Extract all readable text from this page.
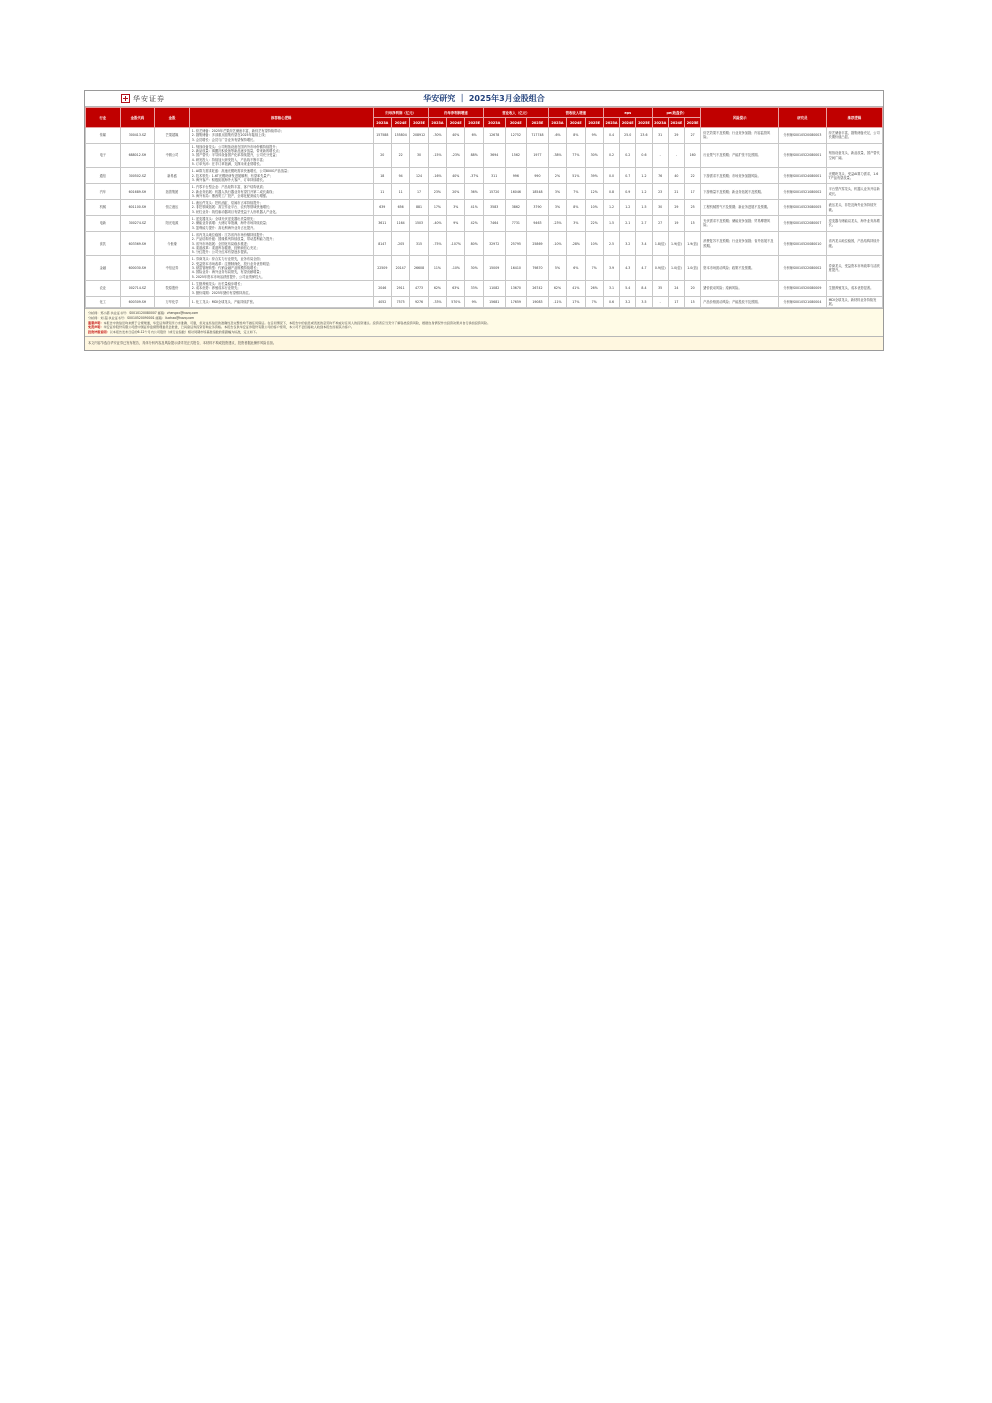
华安证券	华安研究 ｜ 2025年3月金股组合
行业	金股代码	金股	推荐核心逻辑	归母净利润（亿元）			归母净利润增速			营业收入（亿元）			营收收入增速			eps			pe(收盘价）			风险提示	研究员	推荐逻辑
				2023A	2024E	2025E	2023A	2024E	2025E	2023A	2024E	2025E	2023A	2024E	2025E	2023A	2024E	2025E	2023A	2024E	2025E			
传媒	300413.SZ	芒果超媒	1. 综艺储备：2025年芒果综艺储备丰富，新综艺有望持续带动；
2. 剧集储备：多部重点剧集有望在2025年陆续上线；
3. 会员增长：会员与广告业务有望保持增长。	157588	155804	208912	-30%	40%	6%	12678	12752	717748	-6%	8%	9%	0.4	25.0	23.6	31	29	27	综艺效果不及预期；行业竞争加剧；内容监管风险。	分析师S0010520080003	综艺储备丰富，剧集储备充足，公司长期价值凸显。
电子	688012.SH	中微公司	1. 刻蚀设备龙头：公司刻蚀设备在国内外市场份额持续提升；
2. 新品放量：薄膜沉积设备等新品逐步放量，带来新的增长点；
3. 国产替代：半导体设备国产化率持续提升，公司充分受益；
4. 研发投入：持续加大研发投入，产品线不断丰富；
5. 订单充沛：在手订单饱满，支撑未来业绩增长。	20	22	30	-15%	-23%	88%	3694	1562	1977	-38%	77%	30%	0.2	0.2	0.6	-	-	160	行业景气不及预期；产能扩张不及预期。	分析师S0010522080001	刻蚀设备龙头，新品放量，国产替代空间广阔。
通信	300502.SZ	新易盛	1. AI算力需求旺盛：高速光模块需求快速增长，公司800G产品放量；
2. 技术领先：1.6T光模块研发进展顺利，有望率先量产；
3. 海外客户：积极拓展海外大客户，订单持续增长。	18	94	124	-16%	40%	-37%	311	996	990	2%	51%	39%	0.0	0.7	1.2	76	40	22	下游需求不及预期；市场竞争加剧风险。	分析师S0010524080001	光模块龙头，受益AI算力需求，1.6T产品有望放量。
汽车	601689.SH	拓普集团	1. 汽零平台型企业：产品矩阵丰富，客户结构优质；
2. 新业务拓展：机器人执行器业务有望打开第二成长曲线；
3. 海外布局：墨西哥工厂投产，全球化配套能力增强。	11	11	17	23%	20%	36%	15720	16046	18548	3%	7%	12%	0.8	0.9	1.2	23	21	17	下游销量不及预期；新业务拓展不及预期。	分析师S0010521080002	平台型汽零龙头，机器人业务开启新成长。
机械	601100.SH	恒立液压	1. 液压件龙头：挖机油缸、泵阀市占率持续提升；
2. 非挖领域拓展：高空作业平台、农机等领域快速增长；
3. 丝杠业务：线性驱动器项目有望受益于人形机器人产业化。	639	656	881	17%	3%	41%	3583	3862	3790	3%	8%	10%	1.2	1.2	1.5	30	29	25	工程机械景气不及预期；新业务进展不及预期。	分析师S0010523080005	液压龙头，非挖及海外业务持续突破。
电新	300274.SZ	阳光电源	1. 逆变器龙头：全球光伏逆变器出货量领先；
2. 储能业务高增：大储订单饱满，海外市场持续放量；
3. 盈利能力提升：高毛利海外业务占比提升。	3611	1164	1503	-40%	9%	42%	7464	7731	9463	-23%	3%	22%	1.5	2.1	2.7	27	19	15	光伏需求不及预期；储能竞争加剧；贸易摩擦风险。	分析师S0010522080007	逆变器与储能双龙头，海外业务高增长。
食饮	603369.SH	今世缘	1. 省内龙头地位稳固：江苏省内市场份额持续提升；
2. 产品结构升级：国缘系列持续放量，带动盈利能力提升；
3. 省外市场拓展：全国化布局稳步推进；
4. 渠道改革：渠道库存健康，经销商信心充足；
5. 分红提升：公司分红率有望逐步提高。	8147	-205	315	-75%	-107%	80%	32972	25795	25869	-10%	-28%	10%	2.5	3.2	3.4	1.8(倍)	1.9(倍)	1.9(倍)	消费复苏不及预期；行业竞争加剧；省外拓展不及预期。	分析师S0010520080010	省内龙头地位稳固，产品结构持续升级。
金融	600030.SH	中信证券	1. 券商龙头：综合实力行业领先，业务布局全面；
2. 受益资本市场改革：注册制深化，投行业务优势明显；
3. 财富管理转型：代销金融产品规模持续增长；
4. 国际业务：海外业务布局领先，有望贡献增量；
5. 2025年资本市场活跃度提升，公司业绩弹性大。	22509	20147	26608	11%	-10%	30%	15009	16410	79870	5%	6%	7%	3.9	4.3	4.7	0.9(倍)	1.0(倍)	1.0(倍)	资本市场波动风险；政策不及预期。	分析师S0010522080002	券商龙头，受益资本市场改革与活跃度提升。
农业	002714.SZ	牧原股份	1. 生猪养殖龙头：出栏量稳步增长；
2. 成本优势：养殖成本行业领先；
3. 猪价周期：2025年猪价有望维持高位。	2046	2911	4773	62%	63%	33%	11082	13670	26742	62%	41%	26%	3.1	5.4	8.4	35	24	20	猪价波动风险；疫病风险。	分析师S0010520080009	生猪养殖龙头，成本优势显著。
化工	600309.SH	万华化学	1. 化工龙头：MDI全球龙头，产能持续扩张。	4052	7575	9276	-33%	570%	9%	15681	17659	19083	-11%	17%	7%	0.6	3.2	3.5	-	17	15	产品价格波动风险；产能投放不及预期。	分析师S0010521080004	MDI全球龙头，新材料业务持续发展。

分析师：郑小霞 执业证书号：S0010120080007 邮箱：zhengxx@hazq.com

分析师：刘 超 执业证书号：S0010520090001 邮箱：liuchao@hazq.com

重要声明：本报告中的信息均来源于合规渠道，华安证券研究所力求准确、可靠，但对这些信息的准确性及完整性均不做任何保证。在任何情况下，本报告中的信息或表述的意见均不构成对任何人的投资建议。投资者应当充分了解各类投资风险，根据自身情况作出投资决策并自行承担投资风险。

免责声明：华安证券股份有限公司经中国证券监督管理委员会批准，已具备证券投资咨询业务资格。本报告仅供华安证券股份有限公司的客户使用，本公司不会因接收人收到本报告而视其为客户。

投资评级说明：以本报告发布日后的6-12个月内公司股价（或行业指数）相对同期市场基准指数的涨跌幅为标准，定义如下。

本文内容节选自华安证券已发布报告，具体分析内容及风险提示请详见正式报告，本材料不构成投资建议，投资者据此操作风险自担。
